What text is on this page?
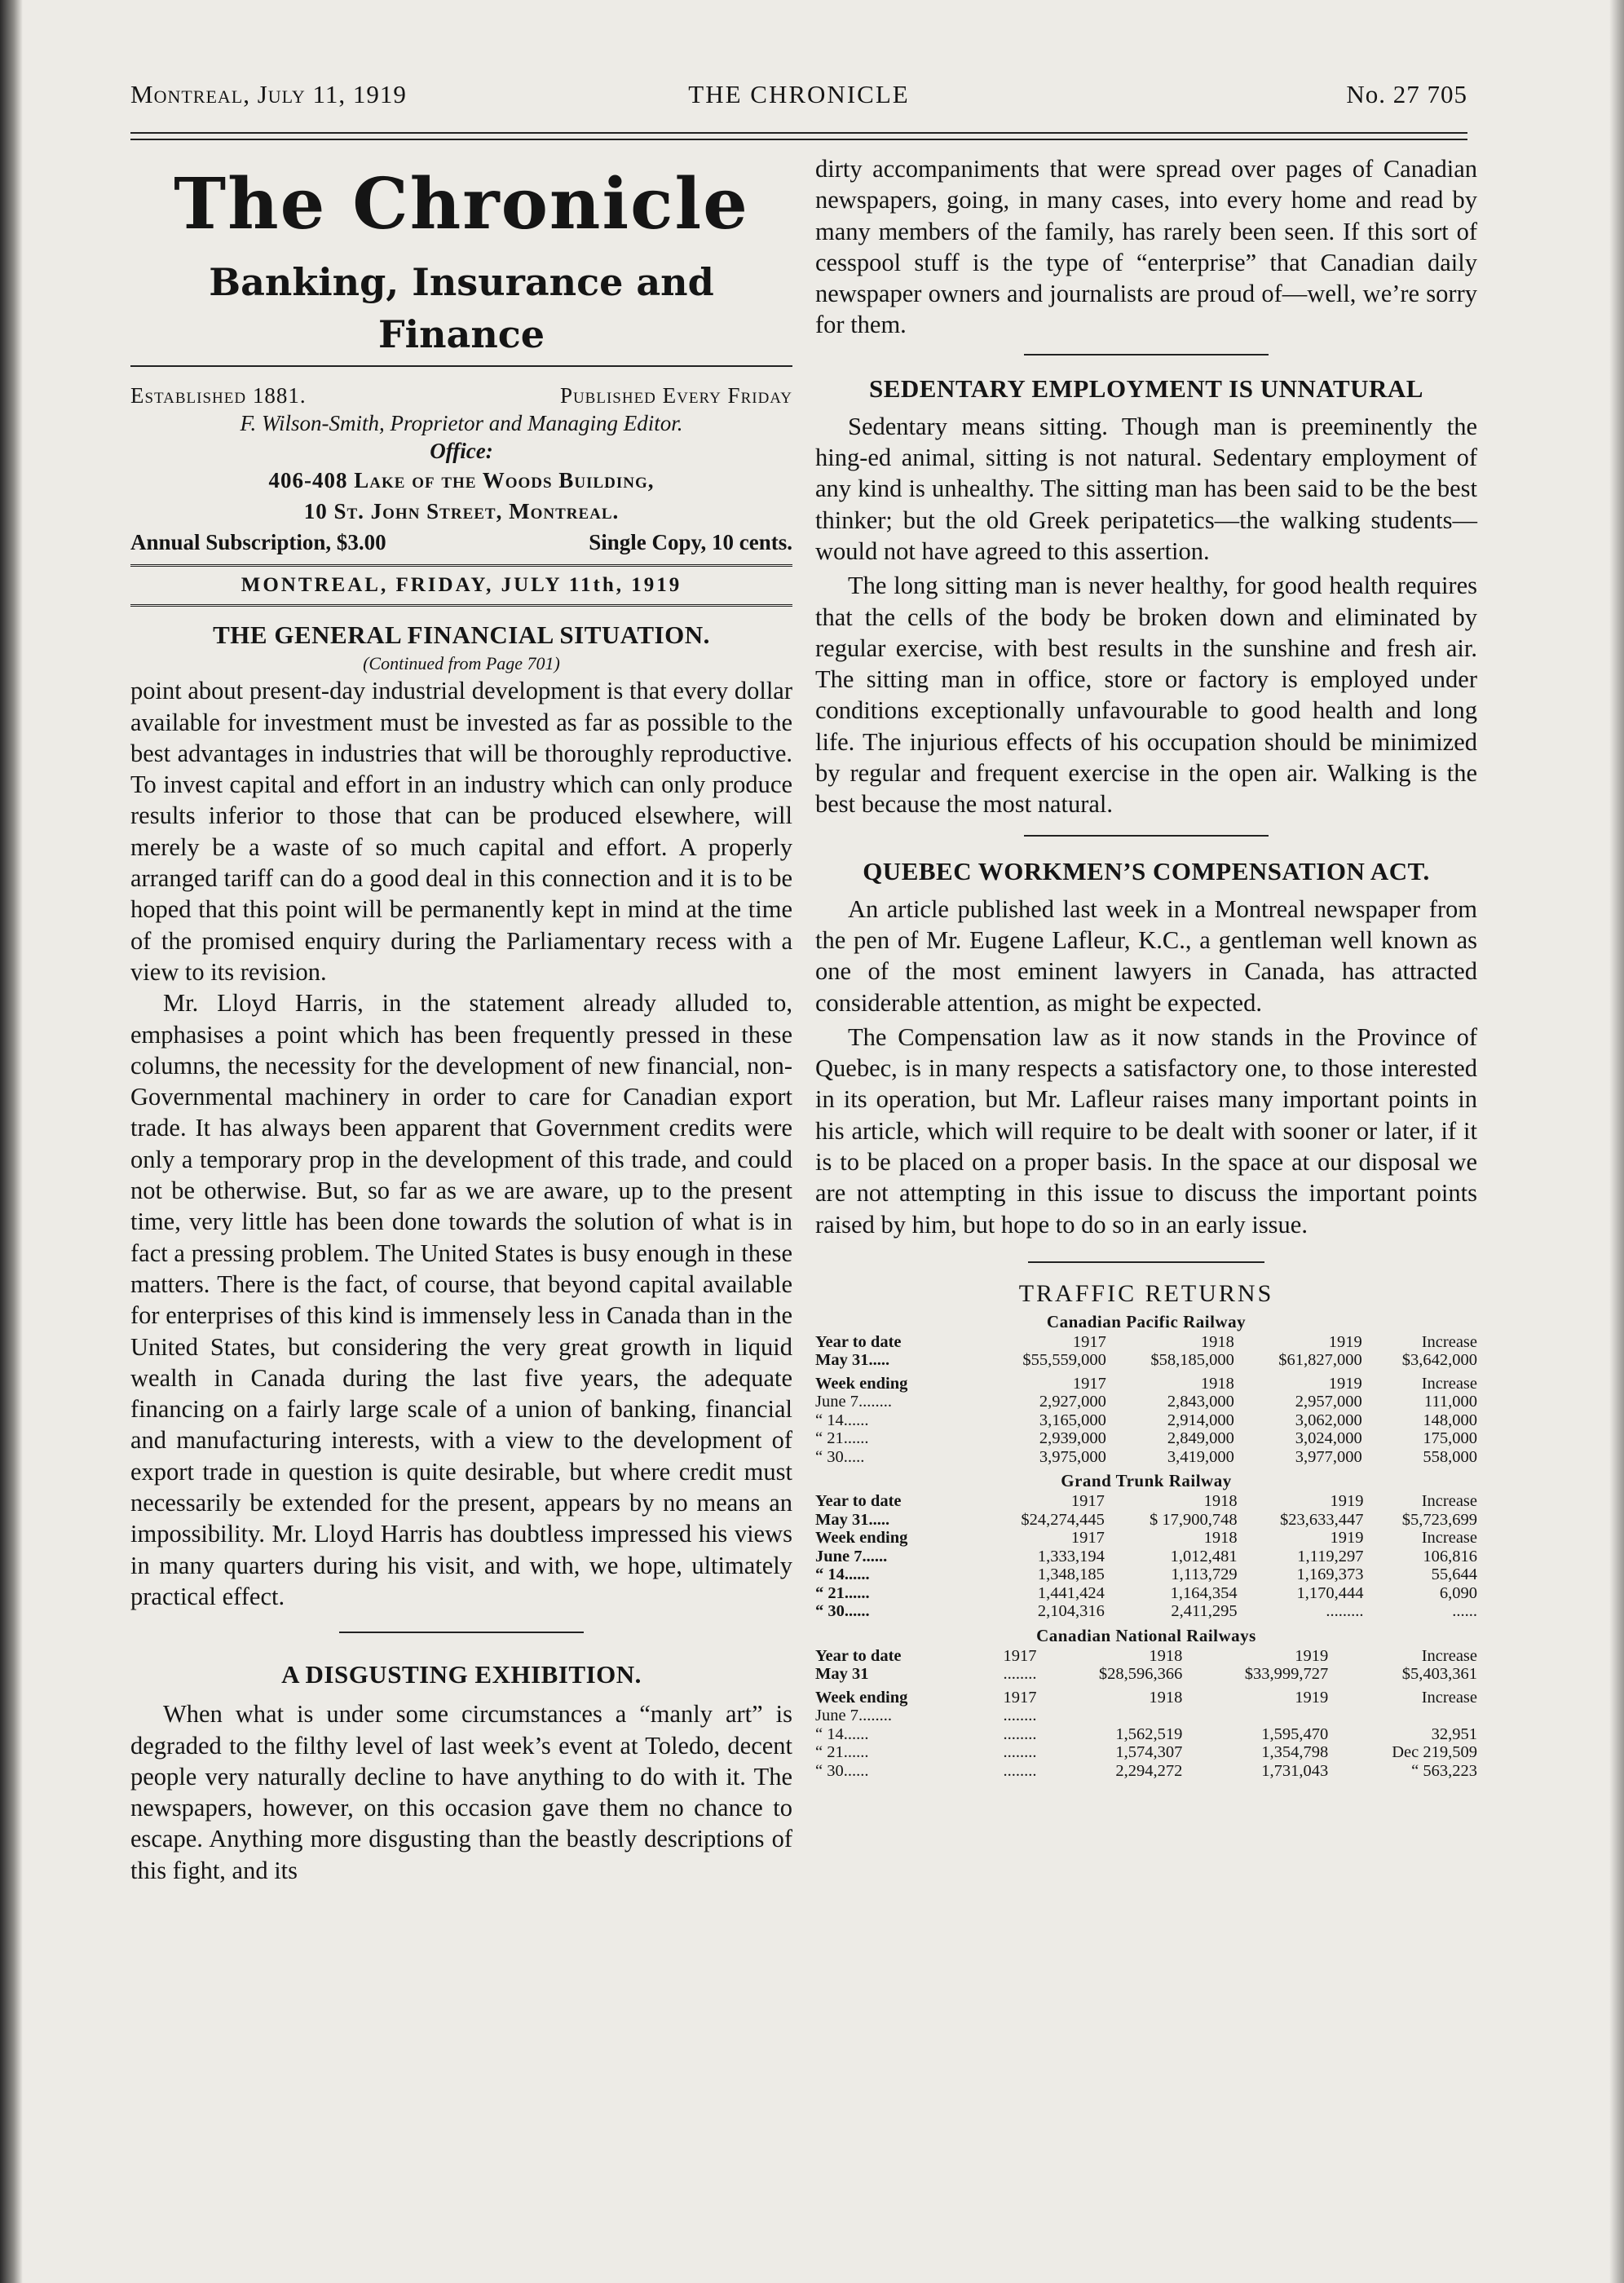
THE CHRONICLE
Montreal, July 11, 1919	No. 27 705
The Chronicle
Banking, Insurance and Finance
Established 1881.	Published Every Friday
F. Wilson-Smith, Proprietor and Managing Editor.
Office:
406-408 Lake of the Woods Building,
10 St. John Street, Montreal.
Annual Subscription, $3.00	Single Copy, 10 cents.
MONTREAL, FRIDAY, JULY 11th, 1919
THE GENERAL FINANCIAL SITUATION.
(Continued from Page 701)

point about present-day industrial development is that every dollar available for investment must be invested as far as possible to the best advantages in industries that will be thoroughly reproductive. To invest capital and effort in an industry which can only produce results inferior to those that can be produced elsewhere, will merely be a waste of so much capital and effort. A properly arranged tariff can do a good deal in this connection and it is to be hoped that this point will be permanently kept in mind at the time of the promised enquiry during the Parliamentary recess with a view to its revision.

Mr. Lloyd Harris, in the statement already alluded to, emphasises a point which has been frequently pressed in these columns, the necessity for the development of new financial, non-Governmental machinery in order to care for Canadian export trade. It has always been apparent that Government credits were only a temporary prop in the development of this trade, and could not be otherwise. But, so far as we are aware, up to the present time, very little has been done towards the solution of what is in fact a pressing problem. The United States is busy enough in these matters. There is the fact, of course, that beyond capital available for enterprises of this kind is immensely less in Canada than in the United States, but considering the very great growth in liquid wealth in Canada during the last five years, the adequate financing on a fairly large scale of a union of banking, financial and manufacturing interests, with a view to the development of export trade in question is quite desirable, but where credit must necessarily be extended for the present, appears by no means an impossibility. Mr. Lloyd Harris has doubtless impressed his views in many quarters during his visit, and with, we hope, ultimately practical effect.

A DISGUSTING EXHIBITION.

When what is under some circumstances a “manly art” is degraded to the filthy level of last week’s event at Toledo, decent people very naturally decline to have anything to do with it. The newspapers, however, on this occasion gave them no chance to escape. Anything more disgusting than the beastly descriptions of this fight, and its

dirty accompaniments that were spread over pages of Canadian newspapers, going, in many cases, into every home and read by many members of the family, has rarely been seen. If this sort of cesspool stuff is the type of “enterprise” that Canadian daily newspaper owners and journalists are proud of—well, we’re sorry for them.

SEDENTARY EMPLOYMENT IS UNNATURAL

Sedentary means sitting. Though man is preeminently the hing-ed animal, sitting is not natural. Sedentary employment of any kind is unhealthy. The sitting man has been said to be the best thinker; but the old Greek peripatetics—the walking students—would not have agreed to this assertion.

The long sitting man is never healthy, for good health requires that the cells of the body be broken down and eliminated by regular exercise, with best results in the sunshine and fresh air. The sitting man in office, store or factory is employed under conditions exceptionally unfavourable to good health and long life. The injurious effects of his occupation should be minimized by regular and frequent exercise in the open air. Walking is the best because the most natural.

QUEBEC WORKMEN’S COMPENSATION ACT.

An article published last week in a Montreal newspaper from the pen of Mr. Eugene Lafleur, K.C., a gentleman well known as one of the most eminent lawyers in Canada, has attracted considerable attention, as might be expected.

The Compensation law as it now stands in the Province of Quebec, is in many respects a satisfactory one, to those interested in its operation, but Mr. Lafleur raises many important points in his article, which will require to be dealt with sooner or later, if it is to be placed on a proper basis. In the space at our disposal we are not attempting in this issue to discuss the important points raised by him, but hope to do so in an early issue.

TRAFFIC RETURNS
Canadian Pacific Railway
Year to date	1917	1918	1919	Increase
May 31.....	$55,559,000	$58,185,000	$61,827,000	$3,642,000
Week ending	1917	1918	1919	Increase
June 7........	2,927,000	2,843,000	2,957,000	111,000
“ 14......	3,165,000	2,914,000	3,062,000	148,000
“ 21......	2,939,000	2,849,000	3,024,000	175,000
“ 30.....	3,975,000	3,419,000	3,977,000	558,000
Grand Trunk Railway
Year to date	1917	1918	1919	Increase
May 31.....	$24,274,445	$ 17,900,748	$23,633,447	$5,723,699
Week ending	1917	1918	1919	Increase
June 7......	1,333,194	1,012,481	1,119,297	106,816
“ 14......	1,348,185	1,113,729	1,169,373	55,644
“ 21......	1,441,424	1,164,354	1,170,444	6,090
“ 30......	2,104,316	2,411,295	.........	......
Canadian National Railways
Year to date	1917	1918	1919	Increase
May 31	........	$28,596,366	$33,999,727	$5,403,361
Week ending	1917	1918	1919	Increase
June 7........	........			
“ 14......	........	1,562,519	1,595,470	32,951
“ 21......	........	1,574,307	1,354,798	Dec 219,509
“ 30......	........	2,294,272	1,731,043	“ 563,223
